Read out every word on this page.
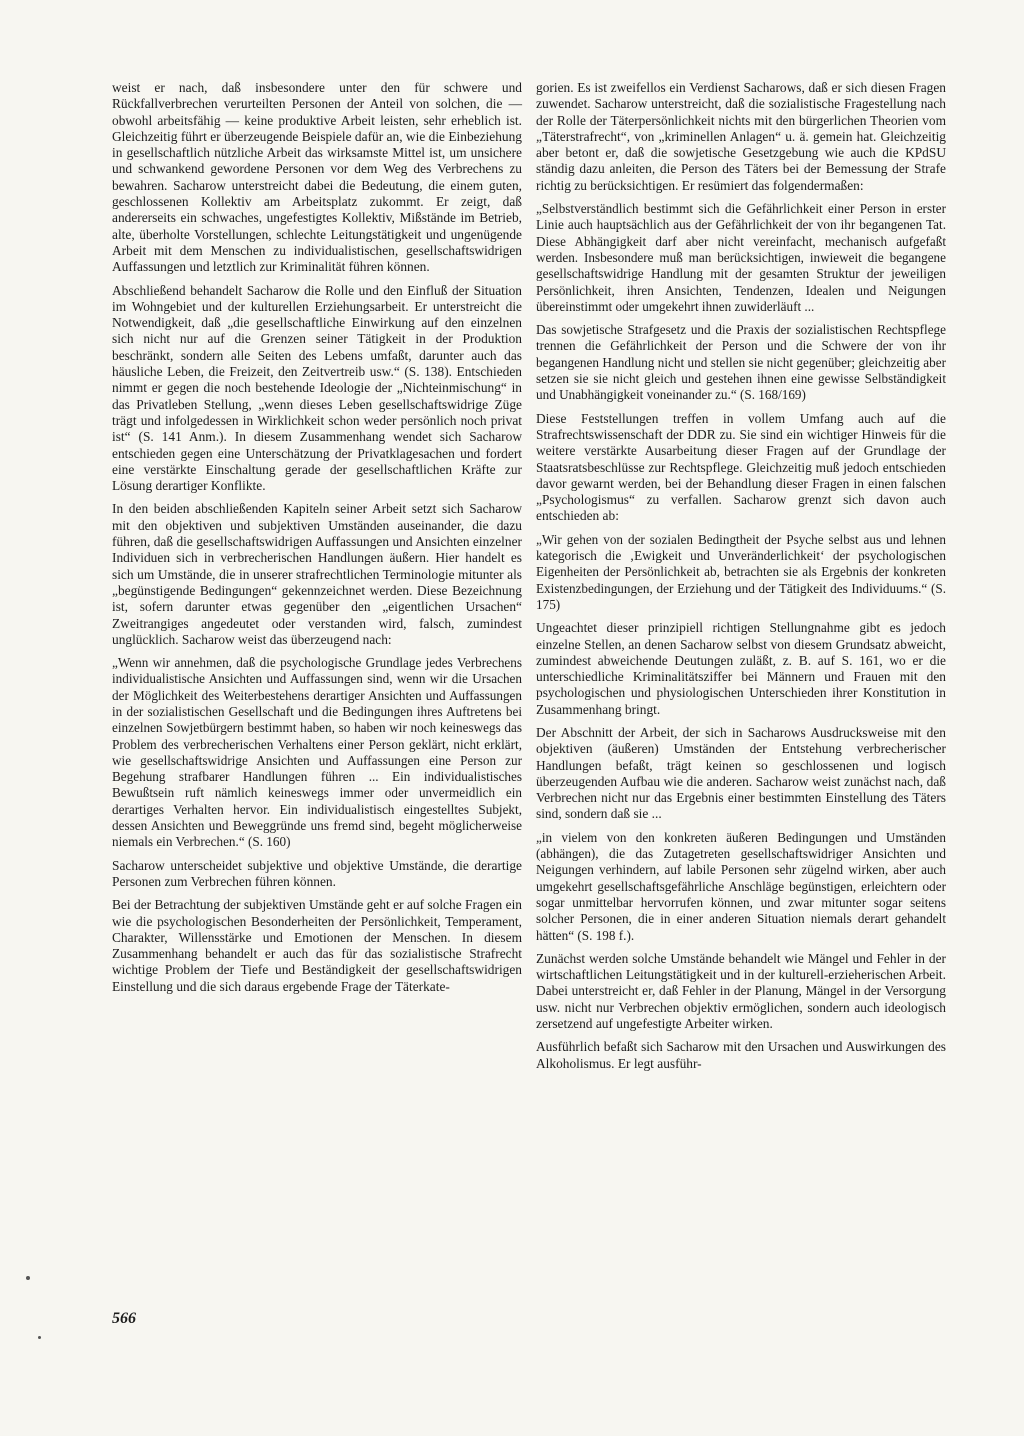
weist er nach, daß insbesondere unter den für schwere und Rückfallverbrechen verurteilten Personen der Anteil von solchen, die — obwohl arbeitsfähig — keine produktive Arbeit leisten, sehr erheblich ist. Gleichzeitig führt er überzeugende Beispiele dafür an, wie die Einbeziehung in gesellschaftlich nützliche Arbeit das wirksamste Mittel ist, um unsichere und schwankend gewordene Personen vor dem Weg des Verbrechens zu bewahren. Sacharow unterstreicht dabei die Bedeutung, die einem guten, geschlossenen Kollektiv am Arbeitsplatz zukommt. Er zeigt, daß andererseits ein schwaches, ungefestigtes Kollektiv, Mißstände im Betrieb, alte, überholte Vorstellungen, schlechte Leitungstätigkeit und ungenügende Arbeit mit dem Menschen zu individualistischen, gesellschaftswidrigen Auffassungen und letztlich zur Kriminalität führen können.

Abschließend behandelt Sacharow die Rolle und den Einfluß der Situation im Wohngebiet und der kulturellen Erziehungsarbeit. Er unterstreicht die Notwendigkeit, daß „die gesellschaftliche Einwirkung auf den einzelnen sich nicht nur auf die Grenzen seiner Tätigkeit in der Produktion beschränkt, sondern alle Seiten des Lebens umfaßt, darunter auch das häusliche Leben, die Freizeit, den Zeitvertreib usw.“ (S. 138). Entschieden nimmt er gegen die noch bestehende Ideologie der „Nichteinmischung“ in das Privatleben Stellung, „wenn dieses Leben gesellschaftswidrige Züge trägt und infolgedessen in Wirklichkeit schon weder persönlich noch privat ist“ (S. 141 Anm.). In diesem Zusammenhang wendet sich Sacharow entschieden gegen eine Unterschätzung der Privatklagesachen und fordert eine verstärkte Einschaltung gerade der gesellschaftlichen Kräfte zur Lösung derartiger Konflikte.

In den beiden abschließenden Kapiteln seiner Arbeit setzt sich Sacharow mit den objektiven und subjektiven Umständen auseinander, die dazu führen, daß die gesellschaftswidrigen Auffassungen und Ansichten einzelner Individuen sich in verbrecherischen Handlungen äußern. Hier handelt es sich um Umstände, die in unserer strafrechtlichen Terminologie mitunter als „begünstigende Bedingungen“ gekennzeichnet werden. Diese Bezeichnung ist, sofern darunter etwas gegenüber den „eigentlichen Ursachen“ Zweitrangiges angedeutet oder verstanden wird, falsch, zumindest unglücklich. Sacharow weist das überzeugend nach:

„Wenn wir annehmen, daß die psychologische Grundlage jedes Verbrechens individualistische Ansichten und Auffassungen sind, wenn wir die Ursachen der Möglichkeit des Weiterbestehens derartiger Ansichten und Auffassungen in der sozialistischen Gesellschaft und die Bedingungen ihres Auftretens bei einzelnen Sowjetbürgern bestimmt haben, so haben wir noch keineswegs das Problem des verbrecherischen Verhaltens einer Person geklärt, nicht erklärt, wie gesellschaftswidrige Ansichten und Auffassungen eine Person zur Begehung strafbarer Handlungen führen ... Ein individualistisches Bewußtsein ruft nämlich keineswegs immer oder unvermeidlich ein derartiges Verhalten hervor. Ein individualistisch eingestelltes Subjekt, dessen Ansichten und Beweggründe uns fremd sind, begeht möglicherweise niemals ein Verbrechen.“ (S. 160)

Sacharow unterscheidet subjektive und objektive Umstände, die derartige Personen zum Verbrechen führen können.

Bei der Betrachtung der subjektiven Umstände geht er auf solche Fragen ein wie die psychologischen Besonderheiten der Persönlichkeit, Temperament, Charakter, Willensstärke und Emotionen der Menschen. In diesem Zusammenhang behandelt er auch das für das sozialistische Strafrecht wichtige Problem der Tiefe und Beständigkeit der gesellschaftswidrigen Einstellung und die sich daraus ergebende Frage der Täterkate-

gorien. Es ist zweifellos ein Verdienst Sacharows, daß er sich diesen Fragen zuwendet. Sacharow unterstreicht, daß die sozialistische Fragestellung nach der Rolle der Täterpersönlichkeit nichts mit den bürgerlichen Theorien vom „Täterstrafrecht“, von „kriminellen Anlagen“ u. ä. gemein hat. Gleichzeitig aber betont er, daß die sowjetische Gesetzgebung wie auch die KPdSU ständig dazu anleiten, die Person des Täters bei der Bemessung der Strafe richtig zu berücksichtigen. Er resümiert das folgendermaßen:

„Selbstverständlich bestimmt sich die Gefährlichkeit einer Person in erster Linie auch hauptsächlich aus der Gefährlichkeit der von ihr begangenen Tat. Diese Abhängigkeit darf aber nicht vereinfacht, mechanisch aufgefaßt werden. Insbesondere muß man berücksichtigen, inwieweit die begangene gesellschaftswidrige Handlung mit der gesamten Struktur der jeweiligen Persönlichkeit, ihren Ansichten, Tendenzen, Idealen und Neigungen übereinstimmt oder umgekehrt ihnen zuwiderläuft ...

Das sowjetische Strafgesetz und die Praxis der sozialistischen Rechtspflege trennen die Gefährlichkeit der Person und die Schwere der von ihr begangenen Handlung nicht und stellen sie nicht gegenüber; gleichzeitig aber setzen sie sie nicht gleich und gestehen ihnen eine gewisse Selbständigkeit und Unabhängigkeit voneinander zu.“ (S. 168/169)

Diese Feststellungen treffen in vollem Umfang auch auf die Strafrechtswissenschaft der DDR zu. Sie sind ein wichtiger Hinweis für die weitere verstärkte Ausarbeitung dieser Fragen auf der Grundlage der Staatsratsbeschlüsse zur Rechtspflege. Gleichzeitig muß jedoch entschieden davor gewarnt werden, bei der Behandlung dieser Fragen in einen falschen „Psychologismus“ zu verfallen. Sacharow grenzt sich davon auch entschieden ab:

„Wir gehen von der sozialen Bedingtheit der Psyche selbst aus und lehnen kategorisch die ‚Ewigkeit und Unveränderlichkeit‘ der psychologischen Eigenheiten der Persönlichkeit ab, betrachten sie als Ergebnis der konkreten Existenzbedingungen, der Erziehung und der Tätigkeit des Individuums.“ (S. 175)

Ungeachtet dieser prinzipiell richtigen Stellungnahme gibt es jedoch einzelne Stellen, an denen Sacharow selbst von diesem Grundsatz abweicht, zumindest abweichende Deutungen zuläßt, z. B. auf S. 161, wo er die unterschiedliche Kriminalitätsziffer bei Männern und Frauen mit den psychologischen und physiologischen Unterschieden ihrer Konstitution in Zusammenhang bringt.

Der Abschnitt der Arbeit, der sich in Sacharows Ausdrucksweise mit den objektiven (äußeren) Umständen der Entstehung verbrecherischer Handlungen befaßt, trägt keinen so geschlossenen und logisch überzeugenden Aufbau wie die anderen. Sacharow weist zunächst nach, daß Verbrechen nicht nur das Ergebnis einer bestimmten Einstellung des Täters sind, sondern daß sie ...

„in vielem von den konkreten äußeren Bedingungen und Umständen (abhängen), die das Zutagetreten gesellschaftswidriger Ansichten und Neigungen verhindern, auf labile Personen sehr zügelnd wirken, aber auch umgekehrt gesellschaftsgefährliche Anschläge begünstigen, erleichtern oder sogar unmittelbar hervorrufen können, und zwar mitunter sogar seitens solcher Personen, die in einer anderen Situation niemals derart gehandelt hätten“ (S. 198 f.).

Zunächst werden solche Umstände behandelt wie Mängel und Fehler in der wirtschaftlichen Leitungstätigkeit und in der kulturell-erzieherischen Arbeit. Dabei unterstreicht er, daß Fehler in der Planung, Mängel in der Versorgung usw. nicht nur Verbrechen objektiv ermöglichen, sondern auch ideologisch zersetzend auf ungefestigte Arbeiter wirken.

Ausführlich befaßt sich Sacharow mit den Ursachen und Auswirkungen des Alkoholismus. Er legt ausführ-

566
